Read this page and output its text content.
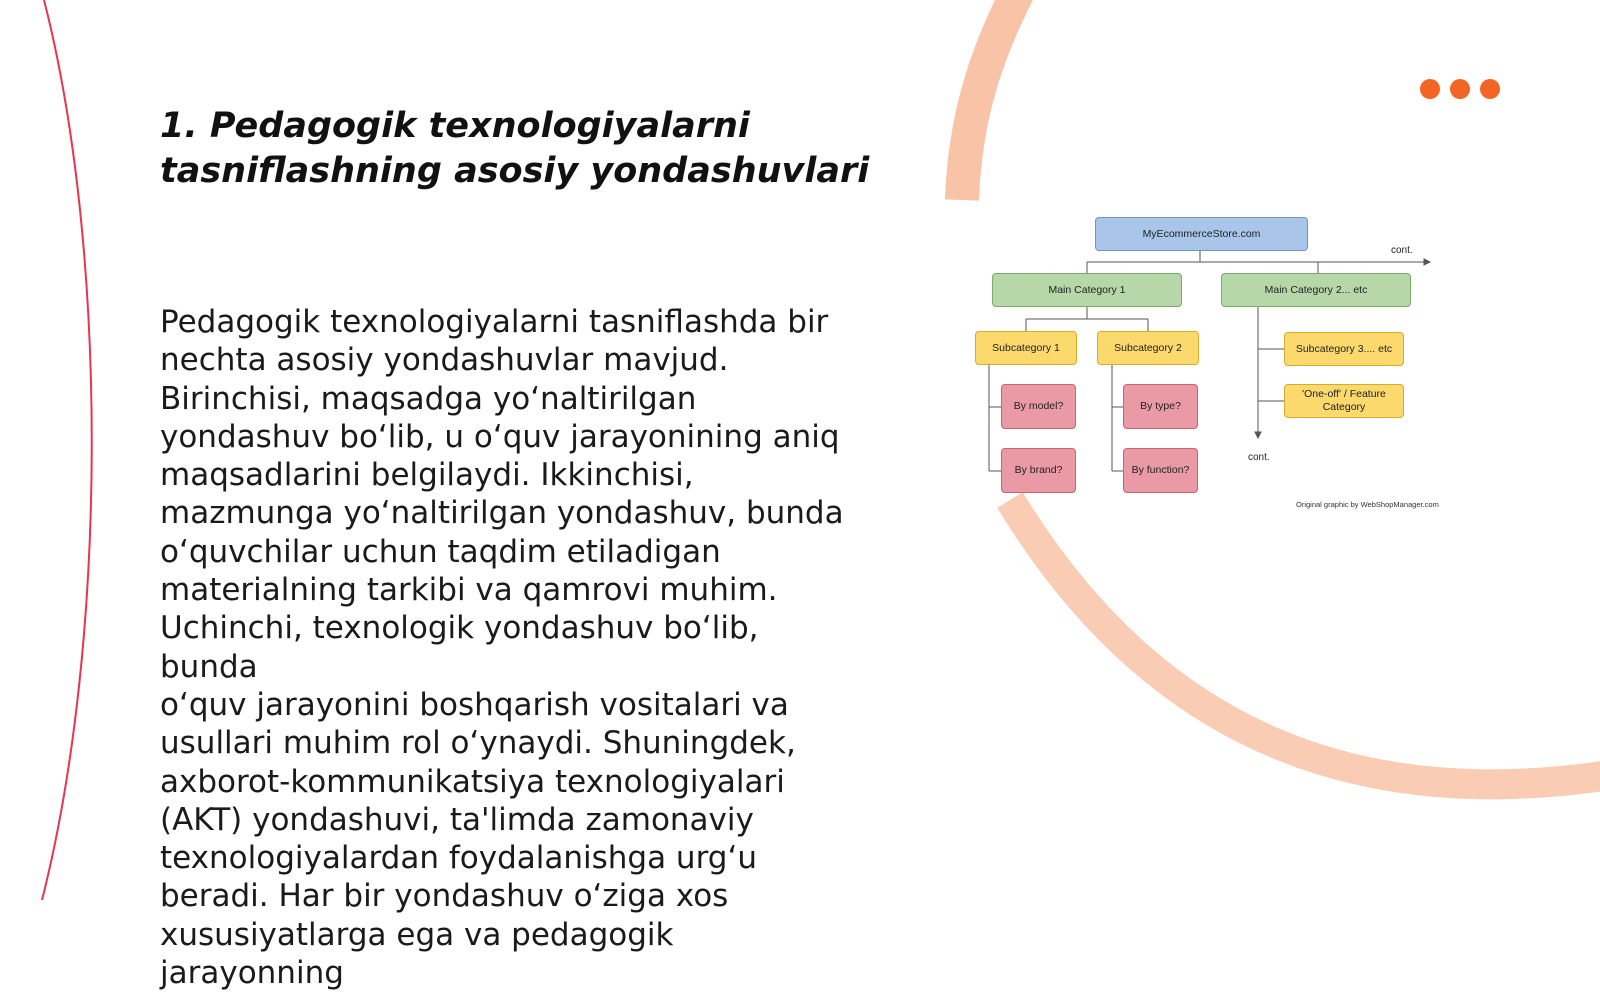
1. Pedagogik texnologiyalarni
tasniflashning asosiy yondashuvlari

Pedagogik texnologiyalarni tasniflashda bir
nechta asosiy yondashuvlar mavjud.
Birinchisi, maqsadga yo‘naltirilgan
yondashuv bo‘lib, u o‘quv jarayonining aniq
maqsadlarini belgilaydi. Ikkinchisi,
mazmunga yo‘naltirilgan yondashuv, bunda
o‘quvchilar uchun taqdim etiladigan
materialning tarkibi va qamrovi muhim.
Uchinchi, texnologik yondashuv bo‘lib, bunda
o‘quv jarayonini boshqarish vositalari va
usullari muhim rol o‘ynaydi. Shuningdek,
axborot-kommunikatsiya texnologiyalari
(AKT) yondashuvi, ta'limda zamonaviy
texnologiyalardan foydalanishga urg‘u
beradi. Har bir yondashuv o‘ziga xos
xususiyatlarga ega va pedagogik jarayonning

MyEcommerceStore.com
Main Category 1	Main Category 2... etc
Subcategory 1	Subcategory 2	Subcategory 3.... etc
'One-off' / Feature Category
By model?
By brand?
By type?
By function?
cont.
cont.
Original graphic by WebShopManager.com
